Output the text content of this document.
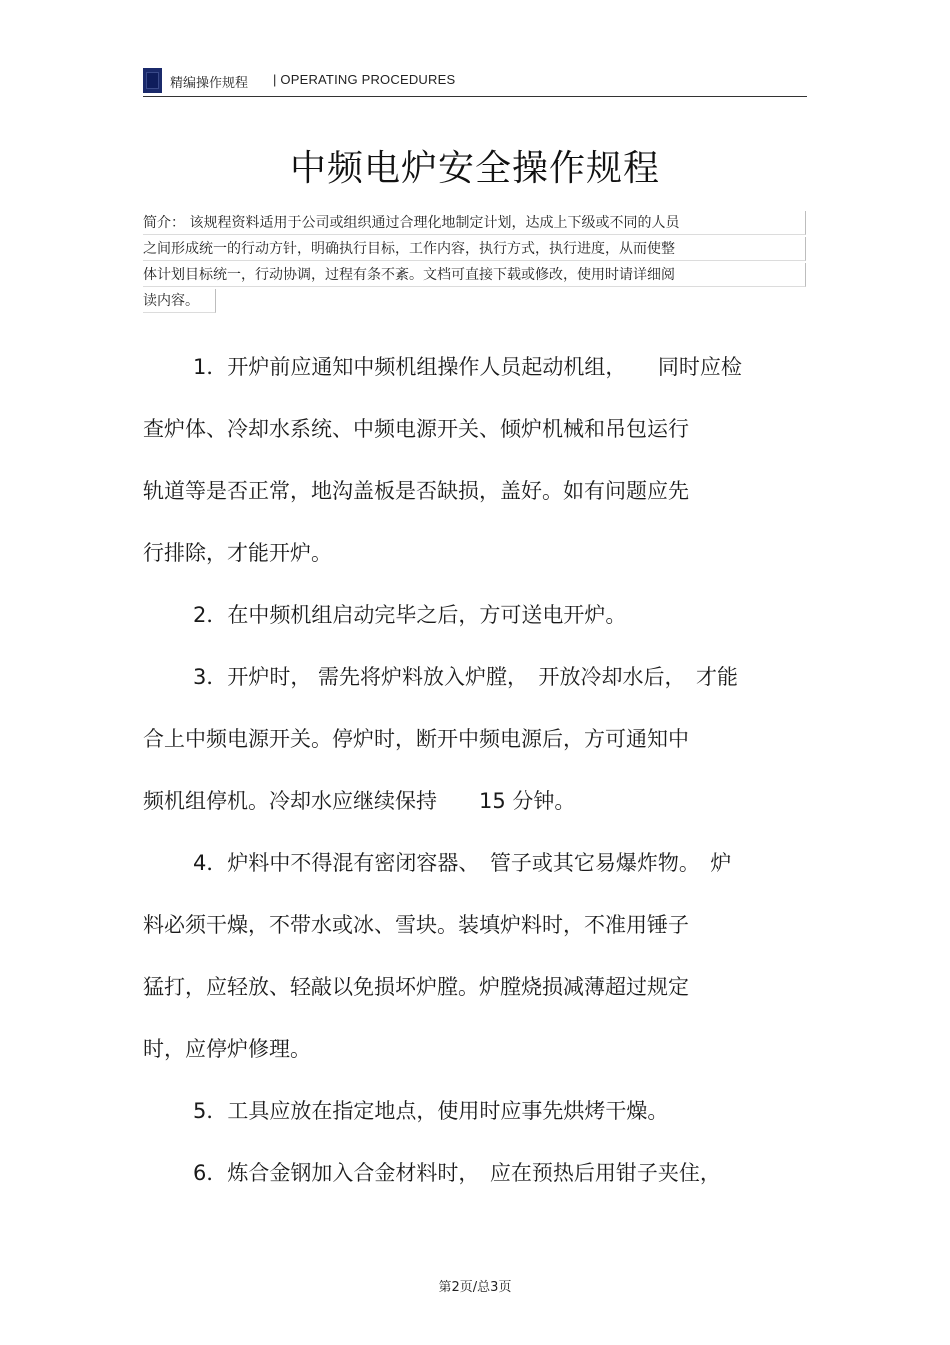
精编操作规程 | OPERATING PROCEDURES
中频电炉安全操作规程
简介： 该规程资料适用于公司或组织通过合理化地制定计划，达成上下级或不同的人员
之间形成统一的行动方针，明确执行目标，工作内容，执行方式，执行进度，从而使整
体计划目标统一，行动协调，过程有条不紊。文档可直接下载或修改，使用时请详细阅
读内容。
1．开炉前应通知中频机组操作人员起动机组，　　同时应检
查炉体、冷却水系统、中频电源开关、倾炉机械和吊包运行
轨道等是否正常，地沟盖板是否缺损，盖好。如有问题应先
行排除，才能开炉。
2．在中频机组启动完毕之后，方可送电开炉。
3．开炉时， 需先将炉料放入炉膛，　开放冷却水后，　才能
合上中频电源开关。停炉时，断开中频电源后，方可通知中
频机组停机。冷却水应继续保持　　15 分钟。
4．炉料中不得混有密闭容器、　管子或其它易爆炸物。　炉
料必须干燥，不带水或冰、雪块。装填炉料时，不准用锤子
猛打，应轻放、轻敲以免损坏炉膛。炉膛烧损减薄超过规定
时，应停炉修理。
5．工具应放在指定地点，使用时应事先烘烤干燥。
6．炼合金钢加入合金材料时，　应在预热后用钳子夹住，
第2页/总3页
